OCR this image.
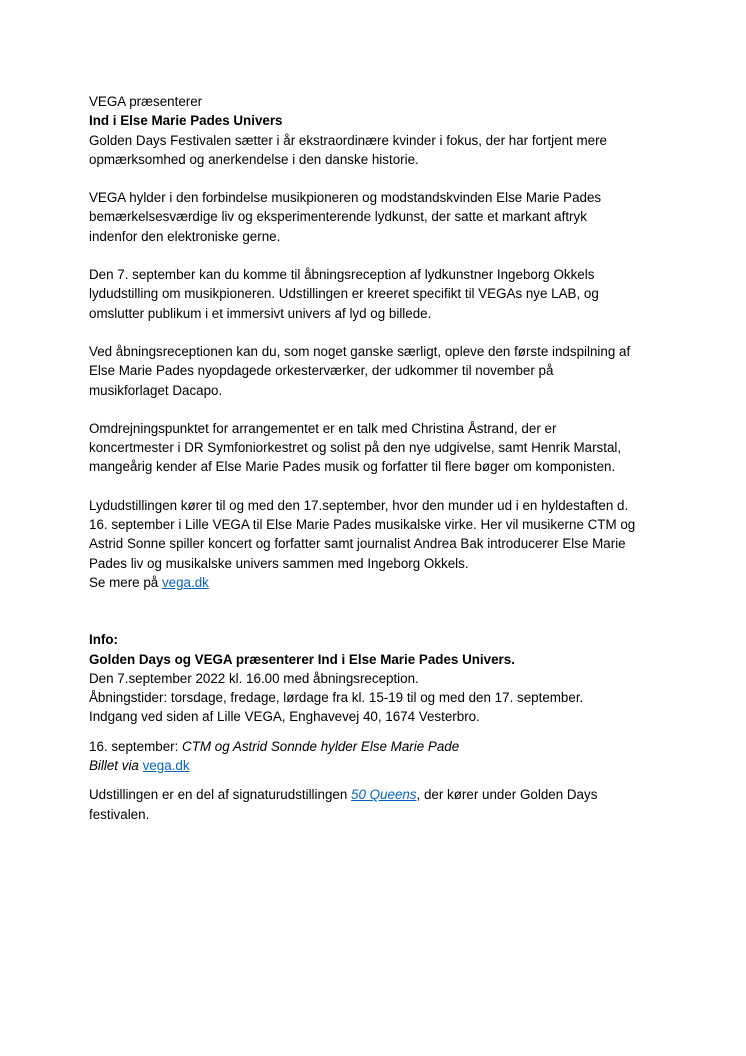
VEGA præsenterer
Ind i Else Marie Pades Univers
Golden Days Festivalen sætter i år ekstraordinære kvinder i fokus, der har fortjent mere
opmærksomhed og anerkendelse i den danske historie.
VEGA hylder i den forbindelse musikpioneren og modstandskvinden Else Marie Pades
bemærkelsesværdige liv og eksperimenterende lydkunst, der satte et markant aftryk
indenfor den elektroniske gerne.
Den 7. september kan du komme til åbningsreception af lydkunstner Ingeborg Okkels
lydudstilling om musikpioneren. Udstillingen er kreeret specifikt til VEGAs nye LAB, og
omslutter publikum i et immersivt univers af lyd og billede.
Ved åbningsreceptionen kan du, som noget ganske særligt, opleve den første indspilning af
Else Marie Pades nyopdagede orkesterværker, der udkommer til november på
musikforlaget Dacapo.
Omdrejningspunktet for arrangementet er en talk med Christina Åstrand, der er
koncertmester i DR Symfoniorkestret og solist på den nye udgivelse, samt Henrik Marstal,
mangeårig kender af Else Marie Pades musik og forfatter til flere bøger om komponisten.
Lydudstillingen kører til og med den 17.september, hvor den munder ud i en hyldestaften d.
16. september i Lille VEGA til Else Marie Pades musikalske virke. Her vil musikerne CTM og
Astrid Sonne spiller koncert og forfatter samt journalist Andrea Bak introducerer Else Marie
Pades liv og musikalske univers sammen med Ingeborg Okkels.
Se mere på vega.dk
Info:
Golden Days og VEGA præsenterer Ind i Else Marie Pades Univers.
Den 7.september 2022 kl. 16.00 med åbningsreception.
Åbningstider: torsdage, fredage, lørdage fra kl. 15-19 til og med den 17. september.
Indgang ved siden af Lille VEGA, Enghavevej 40, 1674 Vesterbro.
16. september: CTM og Astrid Sonnde hylder Else Marie Pade
Billet via vega.dk
Udstillingen er en del af signaturudstillingen 50 Queens, der kører under Golden Days
festivalen.
